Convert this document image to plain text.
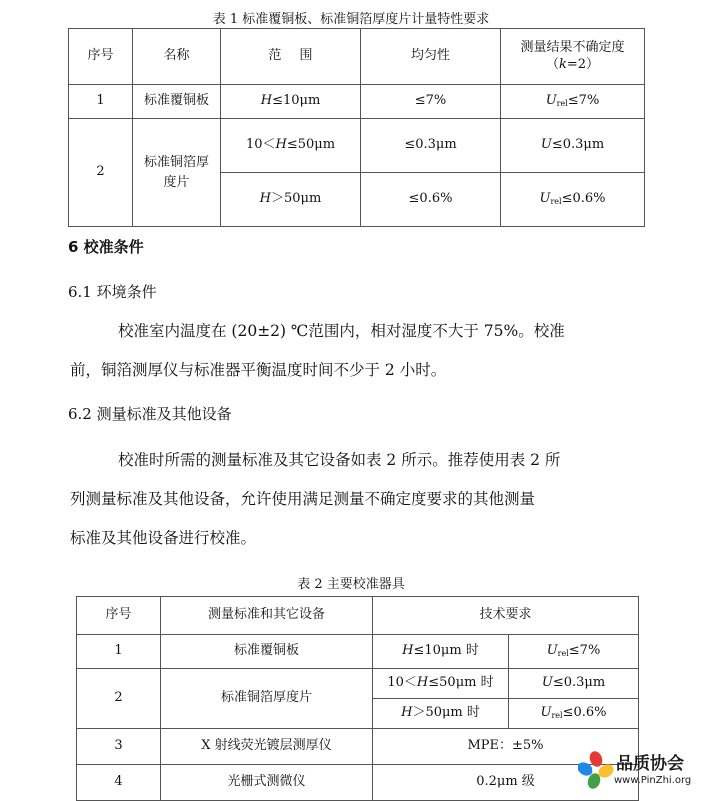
表 1 标准覆铜板、标准铜箔厚度片计量特性要求
序号	名称	范 围	均匀性	测量结果不确定度
（k=2）

1	标准覆铜板	H≤10μm	≤7%	$U_{rel}\le 7\%$
2	标准铜箔厚度片	10＜H≤50μm	≤0.3μm	U≤0.3μm
		H＞50μm	≤0.6%	$U_{rel}\le 0.6\%$
6 校准条件
6.1 环境条件
校准室内温度在 (20±2) ℃范围内，相对湿度不大于 75%。校准
前，铜箔测厚仪与标准器平衡温度时间不少于 2 小时。
6.2 测量标准及其他设备
校准时所需的测量标准及其它设备如表 2 所示。推荐使用表 2 所
列测量标准及其他设备，允许使用满足测量不确定度要求的其他测量
标准及其他设备进行校准。
表 2 主要校准器具
序号	测量标准和其它设备	技术要求	
1	标准覆铜板	H≤10μm 时	$U_{rel}\le 7\%$
2	标准铜箔厚度片	10＜H≤50μm 时	U≤0.3μm
		H＞50μm 时	$U_{rel}\le 0.6\%$
3	X 射线荧光镀层测厚仪	MPE：±5%	
4	光栅式测微仪	0.2μm 级	
品质协会
www.PinZhi.org
